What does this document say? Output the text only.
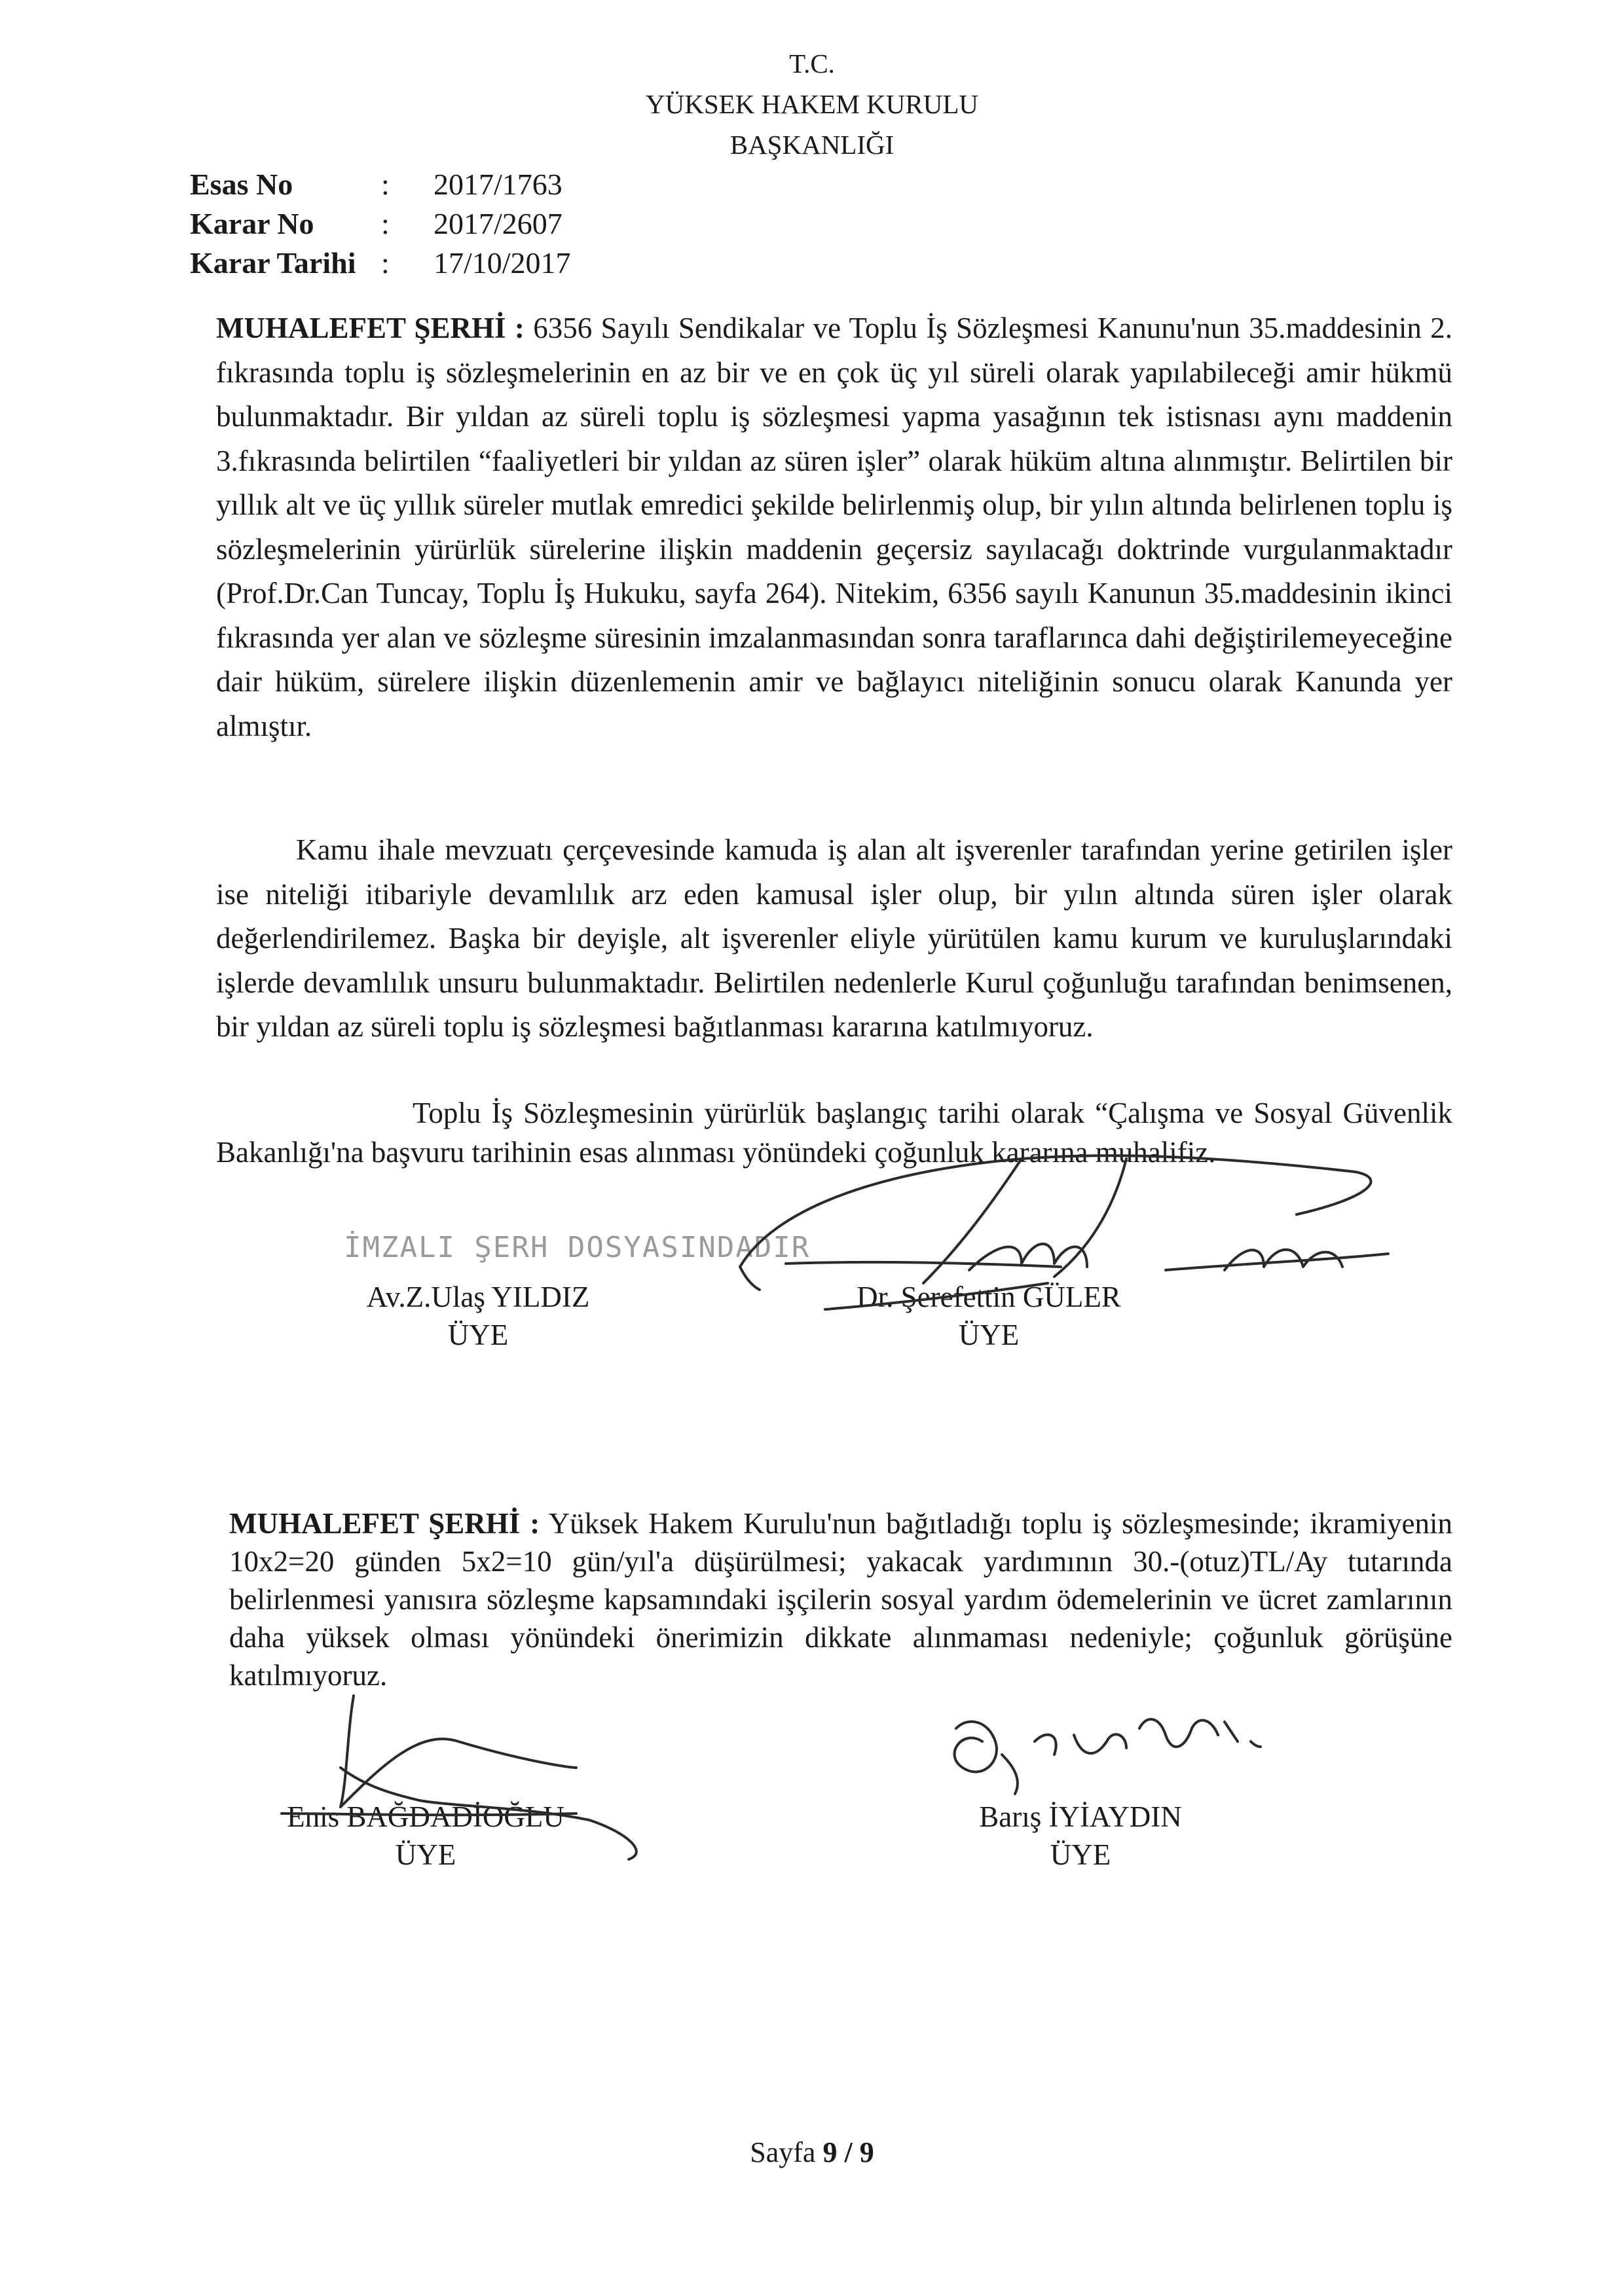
T.C.
YÜKSEK HAKEM KURULU
BAŞKANLIĞI
Esas No	:	2017/1763
Karar No	:	2017/2607
Karar Tarihi :	17/10/2017
MUHALEFET ŞERHİ : 6356 Sayılı Sendikalar ve Toplu İş Sözleşmesi Kanunu'nun 35.maddesinin 2. fıkrasında toplu iş sözleşmelerinin en az bir ve en çok üç yıl süreli olarak yapılabileceği amir hükmü bulunmaktadır. Bir yıldan az süreli toplu iş sözleşmesi yapma yasağının tek istisnası aynı maddenin 3.fıkrasında belirtilen “faaliyetleri bir yıldan az süren işler” olarak hüküm altına alınmıştır. Belirtilen bir yıllık alt ve üç yıllık süreler mutlak emredici şekilde belirlenmiş olup, bir yılın altında belirlenen toplu iş sözleşmelerinin yürürlük sürelerine ilişkin maddenin geçersiz sayılacağı doktrinde vurgulanmaktadır (Prof.Dr.Can Tuncay, Toplu İş Hukuku, sayfa 264). Nitekim, 6356 sayılı Kanunun 35.maddesinin ikinci fıkrasında yer alan ve sözleşme süresinin imzalanmasından sonra taraflarınca dahi değiştirilemeyeceğine dair hüküm, sürelere ilişkin düzenlemenin amir ve bağlayıcı niteliğinin sonucu olarak Kanunda yer almıştır.
Kamu ihale mevzuatı çerçevesinde kamuda iş alan alt işverenler tarafından yerine getirilen işler ise niteliği itibariyle devamlılık arz eden kamusal işler olup, bir yılın altında süren işler olarak değerlendirilemez. Başka bir deyişle, alt işverenler eliyle yürütülen kamu kurum ve kuruluşlarındaki işlerde devamlılık unsuru bulunmaktadır. Belirtilen nedenlerle Kurul çoğunluğu tarafından benimsenen, bir yıldan az süreli toplu iş sözleşmesi bağıtlanması kararına katılmıyoruz.
Toplu İş Sözleşmesinin yürürlük başlangıç tarihi olarak “Çalışma ve Sosyal Güvenlik Bakanlığı'na başvuru tarihinin esas alınması yönündeki çoğunluk kararına muhalifiz.
İMZALI ŞERH DOSYASINDADIR
Av.Z.Ulaş YILDIZ
ÜYE
Dr. Şerefettin GÜLER
ÜYE
MUHALEFET ŞERHİ : Yüksek Hakem Kurulu'nun bağıtladığı toplu iş sözleşmesinde; ikramiyenin 10x2=20 günden 5x2=10 gün/yıl'a düşürülmesi; yakacak yardımının 30.-(otuz)TL/Ay tutarında belirlenmesi yanısıra sözleşme kapsamındaki işçilerin sosyal yardım ödemelerinin ve ücret zamlarının daha yüksek olması yönündeki önerimizin dikkate alınmaması nedeniyle; çoğunluk görüşüne katılmıyoruz.
Enis BAĞDADİOĞLU
ÜYE
Barış İYİAYDIN
ÜYE
Sayfa 9 / 9
